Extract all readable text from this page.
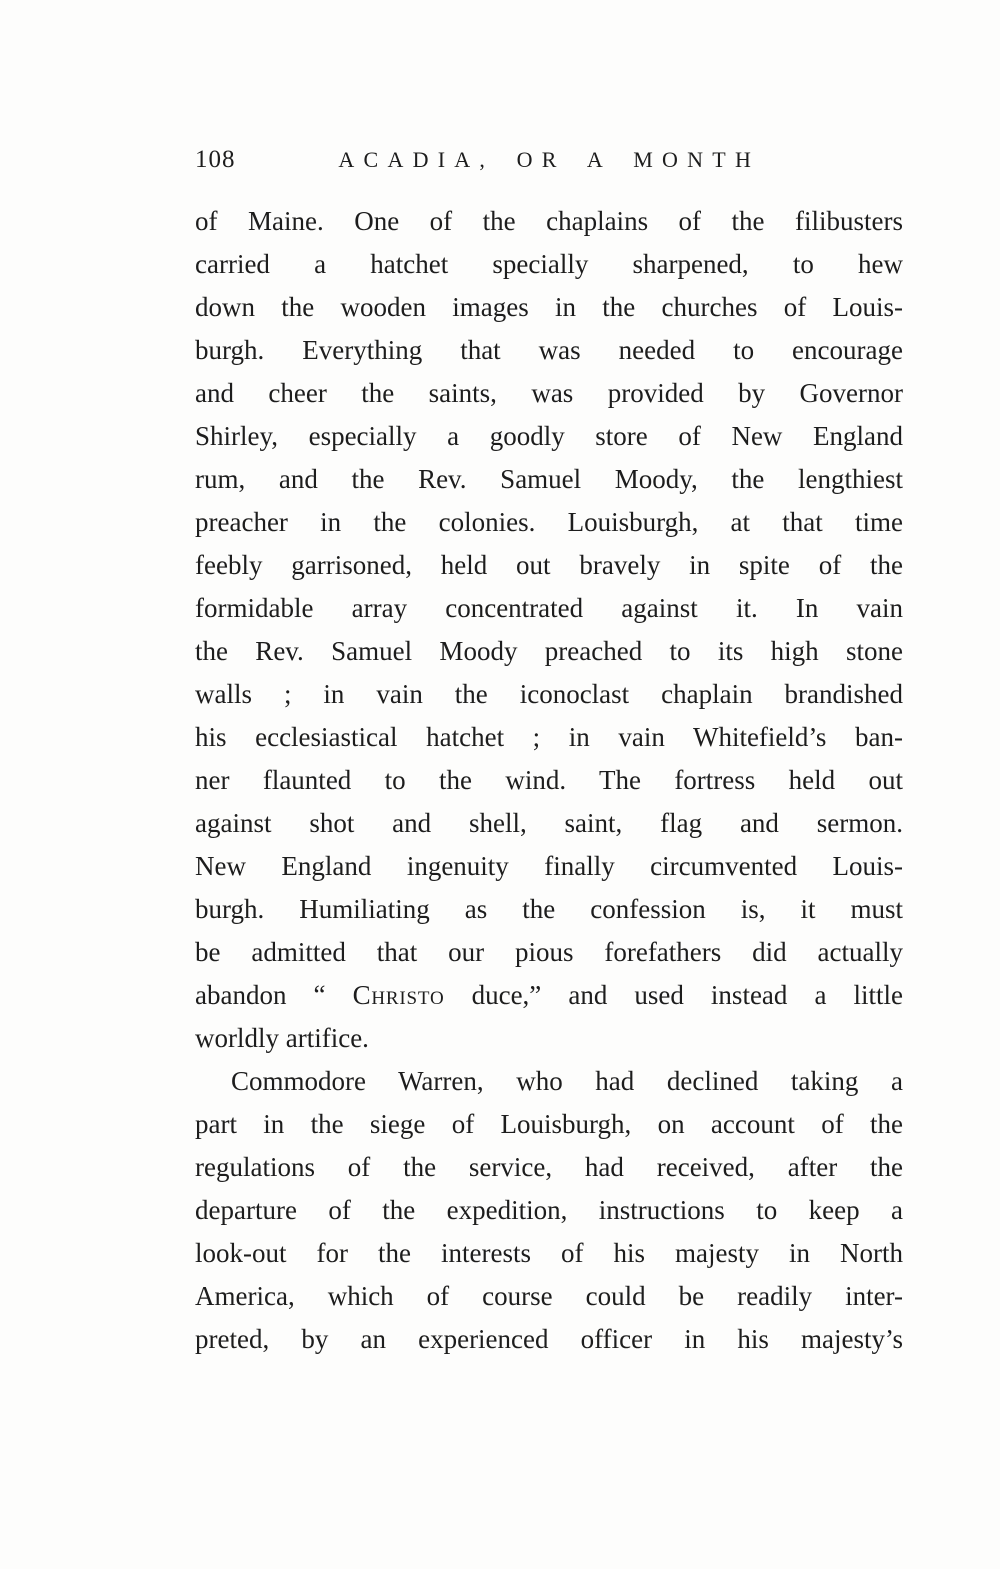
108	ACADIA, OR A MONTH
of Maine. One of the chaplains of the filibusters
carried a hatchet specially sharpened, to hew
down the wooden images in the churches of Louis-
burgh. Everything that was needed to encourage
and cheer the saints, was provided by Governor
Shirley, especially a goodly store of New England
rum, and the Rev. Samuel Moody, the lengthiest
preacher in the colonies. Louisburgh, at that time
feebly garrisoned, held out bravely in spite of the
formidable array concentrated against it. In vain
the Rev. Samuel Moody preached to its high stone
walls ; in vain the iconoclast chaplain brandished
his ecclesiastical hatchet ; in vain Whitefield’s ban-
ner flaunted to the wind. The fortress held out
against shot and shell, saint, flag and sermon.
New England ingenuity finally circumvented Louis-
burgh. Humiliating as the confession is, it must
be admitted that our pious forefathers did actually
abandon “ Christo duce,” and used instead a little
worldly artifice.
Commodore Warren, who had declined taking a
part in the siege of Louisburgh, on account of the
regulations of the service, had received, after the
departure of the expedition, instructions to keep a
look-out for the interests of his majesty in North
America, which of course could be readily inter-
preted, by an experienced officer in his majesty’s
